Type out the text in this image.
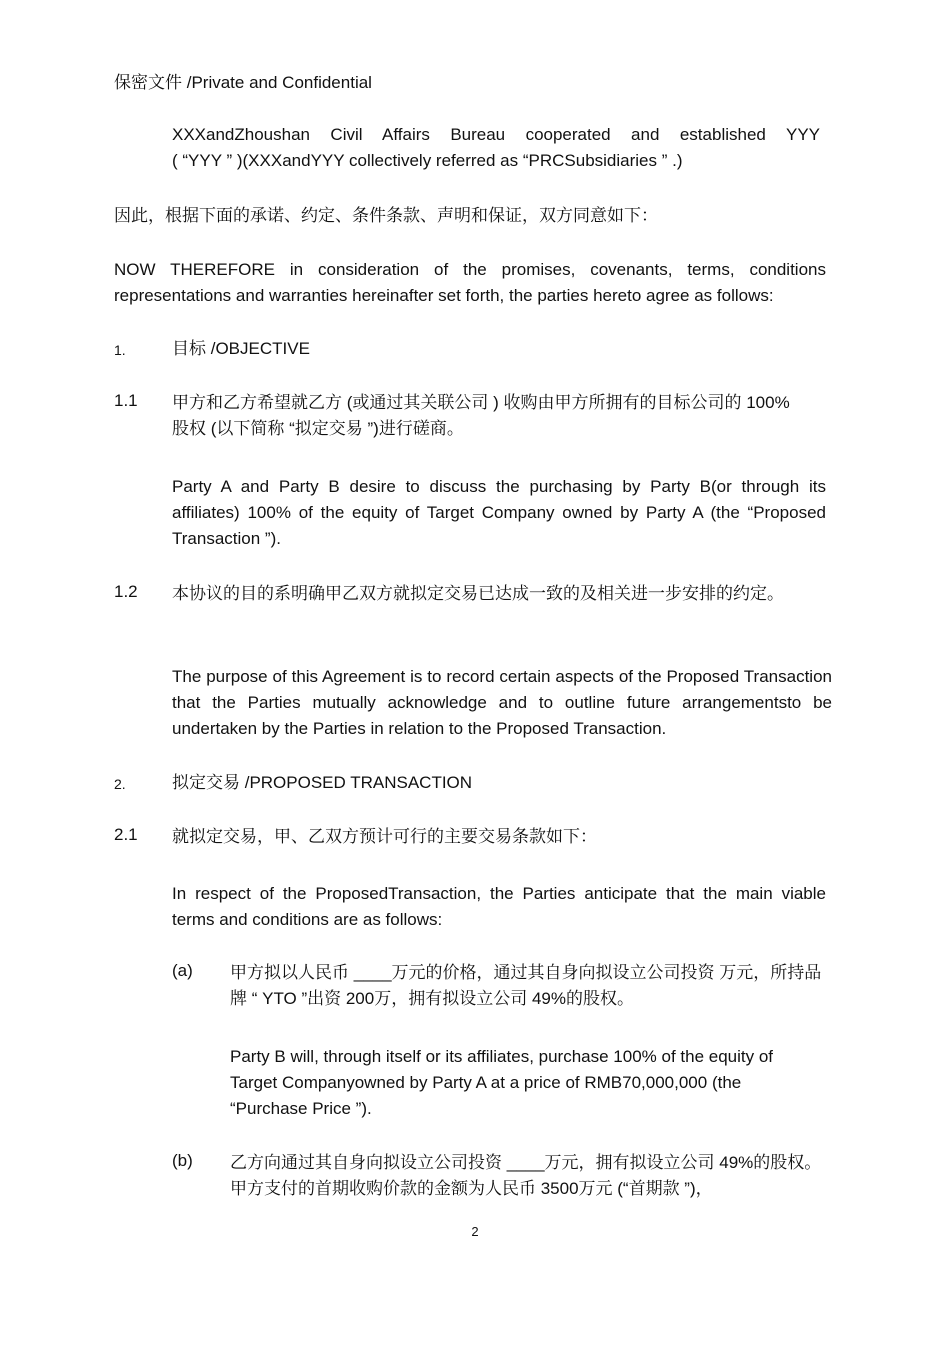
保密文件 /Private and Confidential
XXXandZhoushan Civil Affairs Bureau cooperated and established YYY
( “YYY ” )(XXXandYYY collectively referred as “PRCSubsidiaries ” .)
因此，根据下面的承诺、约定、条件条款、声明和保证，双方同意如下：
NOW THEREFORE in consideration of the promises, covenants, terms, conditions representations and warranties hereinafter set forth, the parties hereto agree as follows:
1.	目标 /OBJECTIVE
1.1 甲方和乙方希望就乙方 (或通过其关联公司 ) 收购由甲方所拥有的目标公司的 100%股权 (以下简称 “拟定交易 ”)进行磋商。
Party A and Party B desire to discuss the purchasing by Party B(or through its affiliates) 100% of the equity of Target Company owned by Party A (the “Proposed Transaction ”).
1.2 本协议的目的系明确甲乙双方就拟定交易已达成一致的及相关进一步安排的约定。
The purpose of this Agreement is to record certain aspects of the Proposed Transaction that the Parties mutually acknowledge and to outline future arrangementsto be undertaken by the Parties in relation to the Proposed Transaction.
2.	拟定交易 /PROPOSED TRANSACTION
2.1 就拟定交易，甲、乙双方预计可行的主要交易条款如下：
In respect of the ProposedTransaction, the Parties anticipate that the main viable terms and conditions are as follows:
(a) 甲方拟以人民币 ____万元的价格，通过其自身向拟设立公司投资 万元，所持品牌 “ YTO ”出资 200万，拥有拟设立公司 49%的股权。
Party B will, through itself or its affiliates, purchase 100% of the equity of Target Companyowned by Party A at a price of RMB70,000,000 (the “Purchase Price ”).
(b) 乙方向通过其自身向拟设立公司投资 ____万元，拥有拟设立公司 49%的股权。甲方支付的首期收购价款的金额为人民币 3500万元 (“首期款 ”)，
2
